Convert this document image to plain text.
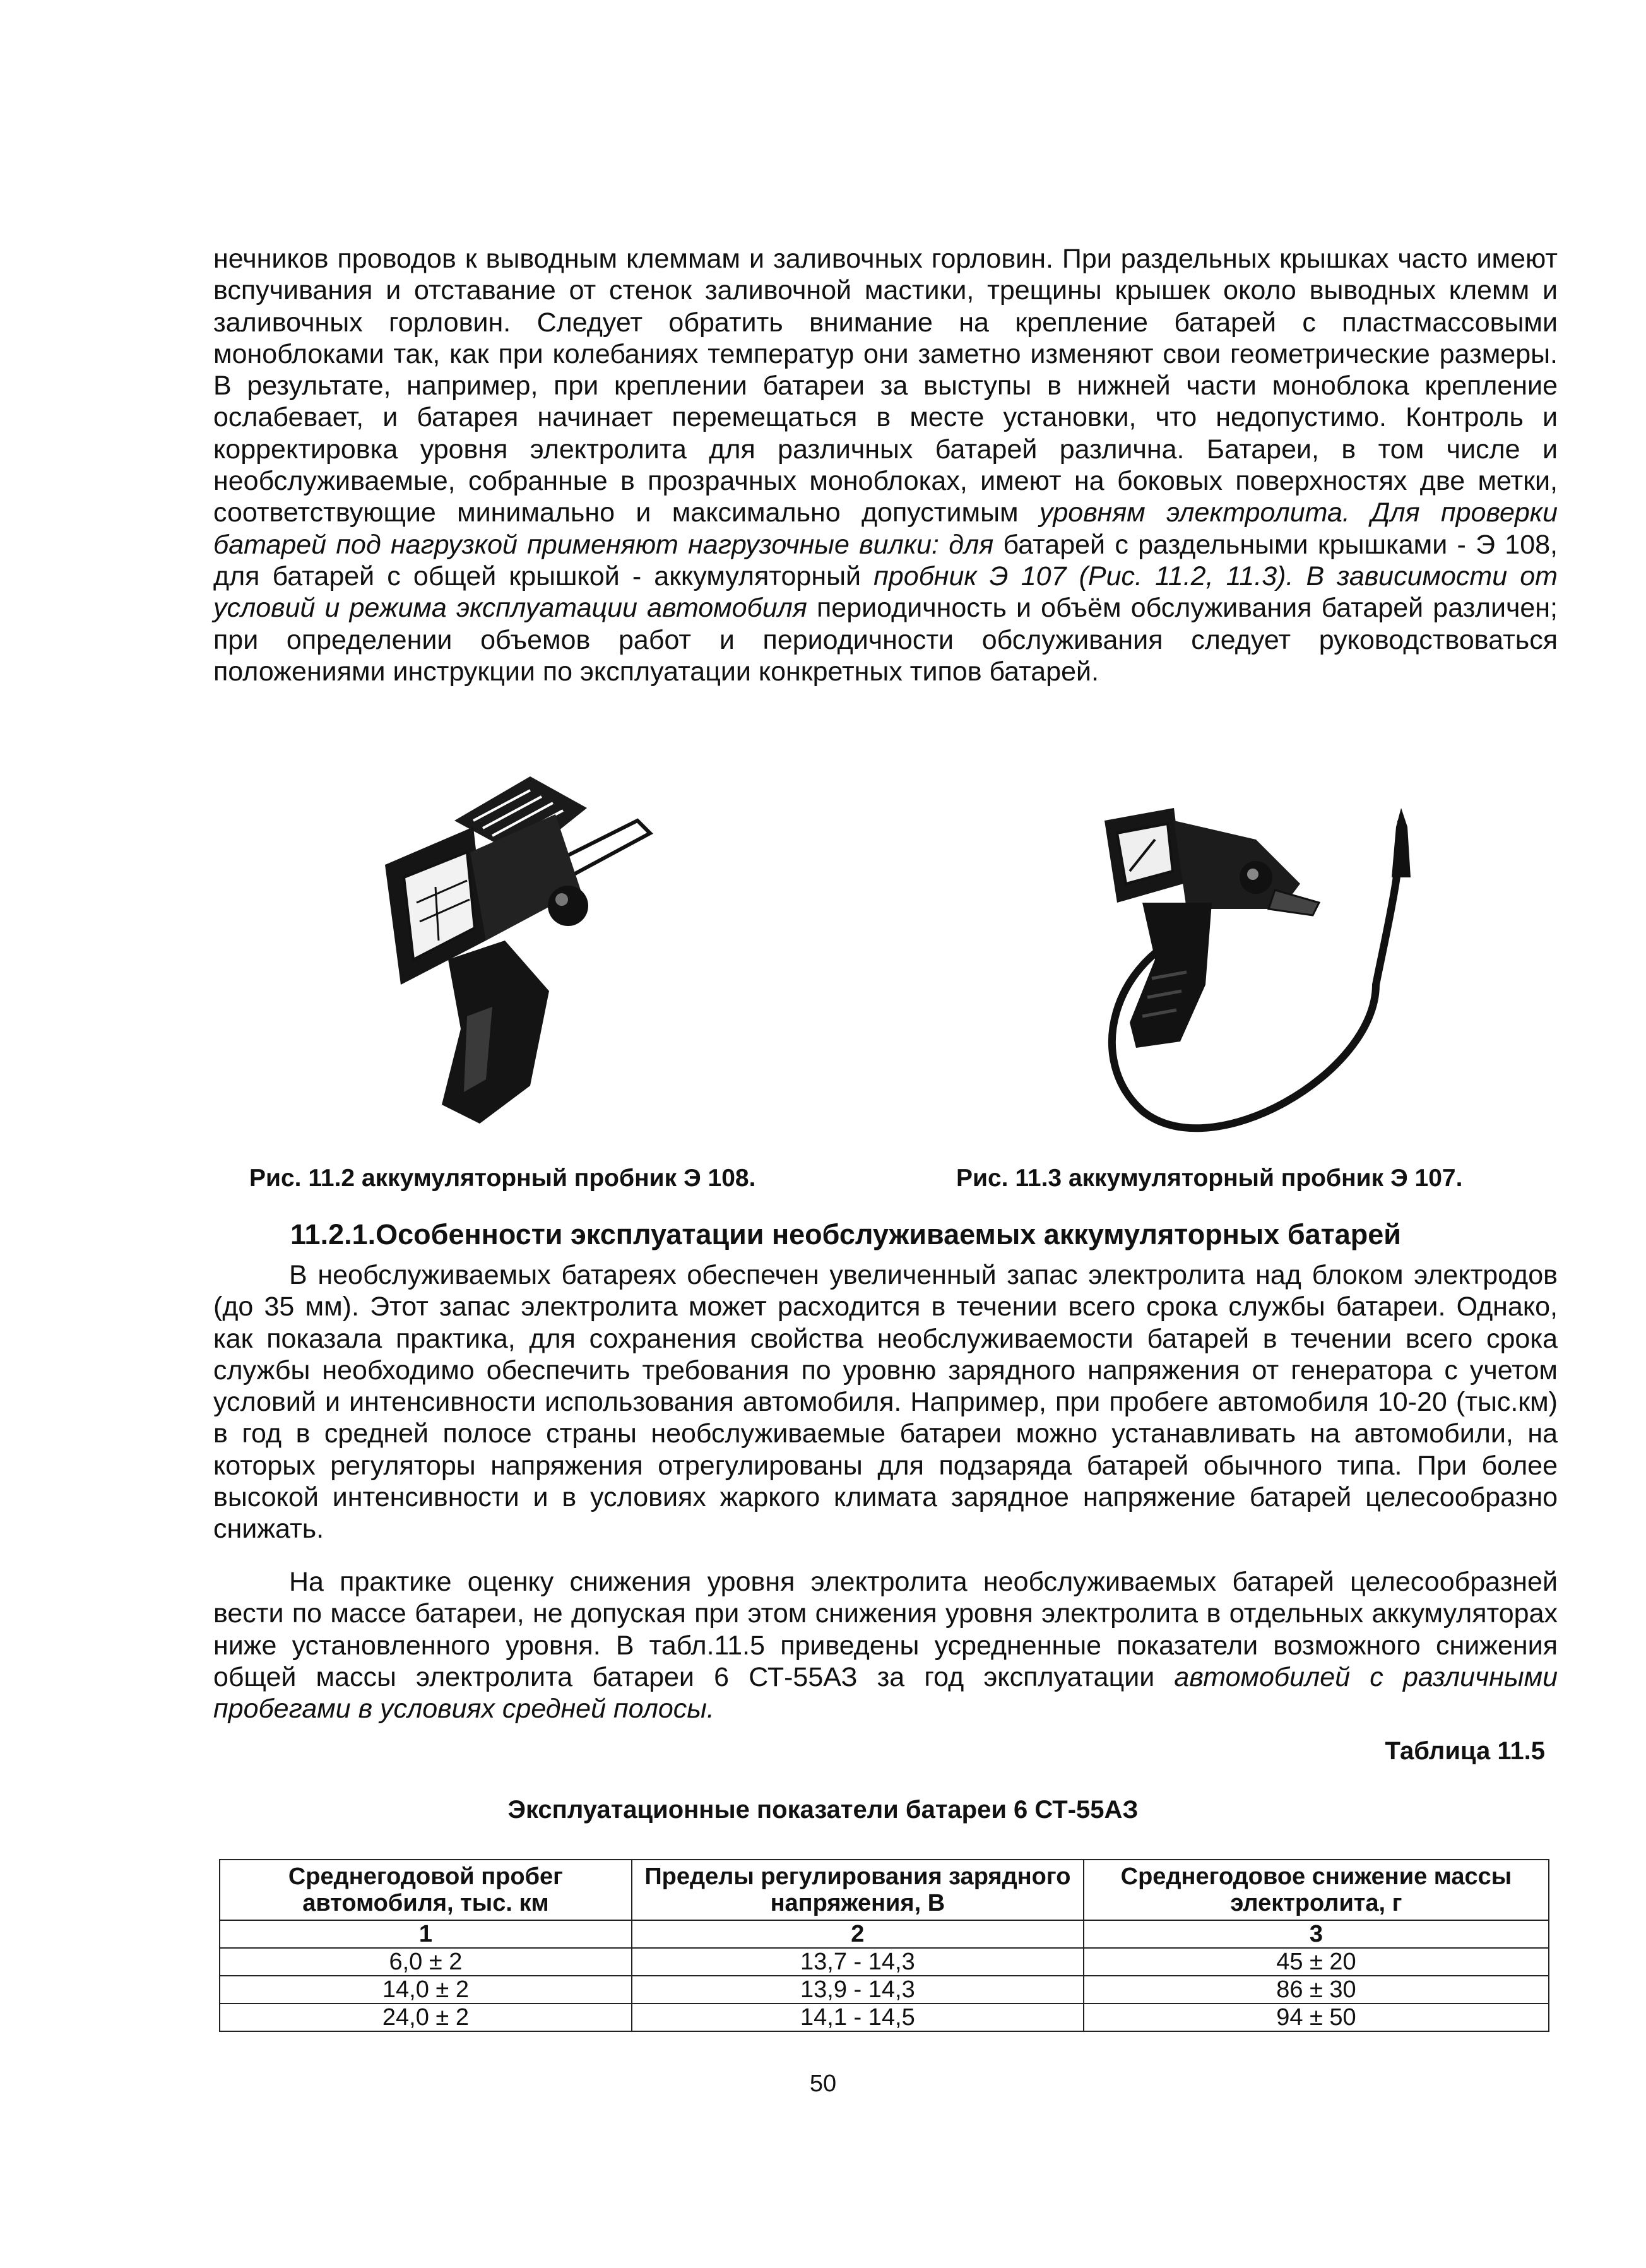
нечников проводов к выводным клеммам и заливочных горловин. При раздельных крышках часто имеют вспучивания и отставание от стенок заливочной мастики, трещины крышек около выводных клемм и заливочных горловин. Следует обратить внимание на крепление батарей с пластмассовыми моноблоками так, как при колебаниях температур они заметно изменяют свои геометрические размеры. В результате, например, при креплении батареи за выступы в нижней части моноблока крепление ослабевает, и батарея начинает перемещаться в месте установки, что недопустимо. Контроль и корректировка уровня электролита для различных батарей различна. Батареи, в том числе и необслуживаемые, собранные в прозрачных моноблоках, имеют на боковых поверхностях две метки, соответствующие минимально и максимально допустимым уровням электролита. Для проверки батарей под нагрузкой применяют нагрузочные вилки: для батарей с раздельными крышками - Э 108, для батарей с общей крышкой - аккумуляторный пробник Э 107 (Рис. 11.2, 11.3). В зависимости от условий и режима эксплуатации автомобиля периодичность и объём обслуживания батарей различен; при определении объемов работ и периодичности обслуживания следует руководствоваться положениями инструкции по эксплуатации конкретных типов батарей.

Рис. 11.2 аккумуляторный пробник Э 108.	Рис. 11.3 аккумуляторный пробник Э 107.

11.2.1.Особенности эксплуатации необслуживаемых аккумуляторных батарей

В необслуживаемых батареях обеспечен увеличенный запас электролита над блоком электродов (до 35 мм). Этот запас электролита может расходится в течении всего срока службы батареи. Однако, как показала практика, для сохранения свойства необслуживаемости батарей в течении всего срока службы необходимо обеспечить требования по уровню зарядного напряжения от генератора с учетом условий и интенсивности использования автомобиля. Например, при пробеге автомобиля 10-20 (тыс.км) в год в средней полосе страны необслуживаемые батареи можно устанавливать на автомобили, на которых регуляторы напряжения отрегулированы для подзаряда батарей обычного типа. При более высокой интенсивности и в условиях жаркого климата зарядное напряжение батарей целесообразно снижать.

На практике оценку снижения уровня электролита необслуживаемых батарей целесообразней вести по массе батареи, не допуская при этом снижения уровня электролита в отдельных аккумуляторах ниже установленного уровня. В табл.11.5 приведены усредненные показатели возможного снижения общей массы электролита батареи 6 СТ-55АЗ за год эксплуатации автомобилей с различными пробегами в условиях средней полосы.

Таблица 11.5

Эксплуатационные показатели батареи 6 СТ-55АЗ

Среднегодовой пробег автомобиля, тыс. км	Пределы регулирования зарядного напряжения, В	Среднегодовое снижение массы электролита, г
1	2	3
6,0 ± 2	13,7 - 14,3	45 ± 20
14,0 ± 2	13,9 - 14,3	86 ± 30
24,0 ± 2	14,1 - 14,5	94 ± 50

50
